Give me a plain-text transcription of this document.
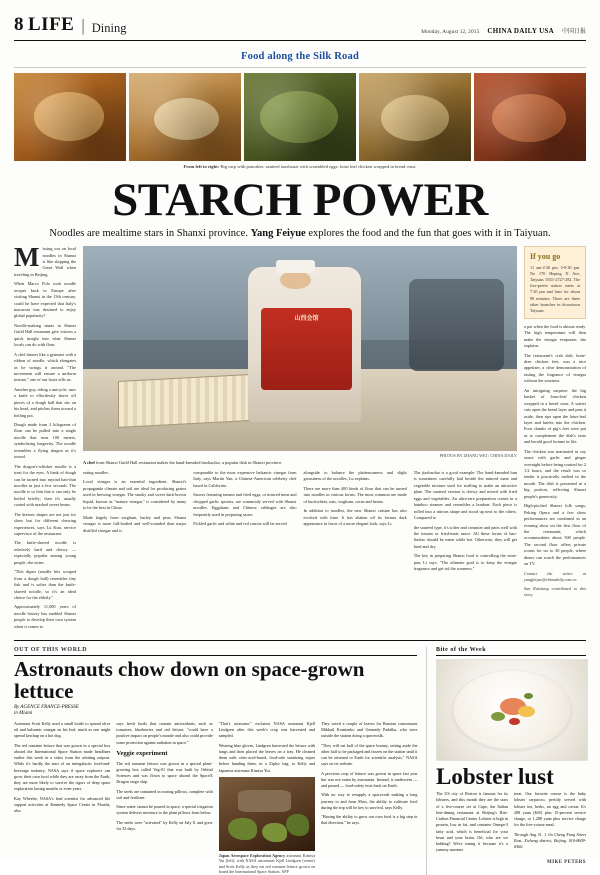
8 LIFE | Dining	Monday, August 12, 2015 CHINA DAILY USA 中国日报
Food along the Silk Road
From left to right: Big carp with pancakes; sauteed taozhouzi with scrambled eggs; lotus leaf chicken wrapped in bread crust.
STARCH POWER
Noodles are mealtime stars in Shanxi province. Yang Feiyue explores the food and the fun that goes with it in Taiyuan.

Missing out on local noodles in Shanxi is like skipping the Great Wall when traveling in Beijing.

When Marco Polo took noodle recipes back to Europe after visiting Shanxi in the 13th century, could he have expected that Italy's macaroni was destined to enjoy global popularity?

Noodle-making stunts in Shanxi Guild Hall restaurant give visitors a quick insight into what Shanxi locals can do with flour.

A chef dances like a gymnast with a ribbon of noodle, which elongates as he swings it around. "The movement will ensure a uniform texture," one of our hosts tells us.

Another guy, riding a unicycle, uses a knife to effortlessly shave off pieces of a dough ball that sits on his head, and pitches them toward a boiling pot.

Dough made from 2 kilograms of flour can be pulled into a single noodle that runs 100 meters, symbolizing longevity. The noodle resembles a flying dragon as it's tossed.

The dragon's-whisker noodle is a treat for the eyes. A hank of dough can be turned into myriad hair-thin noodles in just a few seconds. The noodle is so thin that it can only be boiled briefly; then it's usually coated with mashed sweet beans.

The dresses shapes are not just for show but for different chewing experiences, says Lu Kun, service supervisor of the restaurant.

The knife-shaved noodle is relatively hard and chewy — especially popular among young people, she notes.

"This dipan (noodle bits scraped from a dough ball) resembles tiny fish and is softer than the knife-shaved noodle, so it's an ideal choice for the elderly."

Approximately 11,000 years of noodle history has enabled Shanxi people to develop their own system when it comes to

山西会馆
PHOTOS BY ZHANG WEI / CHINA DAILY
A chef from Shanxi Guild Hall restaurant makes the hand-kneaded haoliaolao, a popular dish in Shanxi province.

eating noodles.

Local vinegar is an essential ingredient. Shanxi's propaganda climate and soil are ideal for producing grains used in brewing vinegar. The smoky and sweet dark-brown liquid, known as "mature vinegar," is considered by many to be the best in China.

Made largely from sorghum, barley and peas, Shanxi vinegar is more full-bodied and well-rounded than major distilled vinegar and is

comparable to the most expensive balsamic vinegar from Italy, says Martin Yan, a Chinese-American celebrity chef based in California.

Sauces featuring tomato and fried eggs, or minced meat and chopped garlic sprouts, are commonly served with Shanxi noodles. Eggplants and Chinese cabbages are also frequently used in preparing sauce.

Pickled garlic and white and red carrots will be served

alongside to balance the platterousness and slight greasiness of the noodles, Lu explains.

There are more than 400 kinds of flour that can be turned into noodles in various forms. The most common are made of buckwheat, oats, sorghum, corns and beans.

In addition to noodles, the new Shanxi cuisine has also evolved with time. It has shaken off its former dark appearance in favor of a more elegant look, says Li.

The jiaobaolao is a good example: The hand-kneaded bun is sometimes carefully laid beside the minced meat and vegetable mixture used for stuffing to make an attractive plate. The sauteed version is chewy and mixed with fried eggs and vegetables. An ultra-rare preparation comes in a bamboo steamer and resembles a bonbon: Each piece is rolled into a nitrous shape and stood up next to the others. Compared to

the sauteed type, it's softer and creamier and pairs well with the tomato or fried-meat sauce. All these forms of hao-liaolao should be eaten while hot. Otherwise, they will get hard and dry.

The key in preparing Shanxi food is controlling the wine-pan, Li says. "The ultimate goal is to keep the vinegar fragrance and get rid the sourness."

If you go
11 am-2:30 pm, 5-9:30 pm. No 170 Heping N Ave, Taiyuan. 0351-2727-282. The fixe-prefer nation starts at 7:30 pm and lasts for about 90 minutes. There are three other branches in downtown Taiyuan.

a pot when the food is almost ready. The high temperature will then make the vinegar evaporate, she explains.

The restaurant's crab dish, bone-dree chicken feet, was a nice appetizer, a clear demonstration of tasting the fragrance of vinegar without the sourness.

An intriguing surprise: the big basket of lotus-leaf chicken wrapped in a bread crust. A waiter cuts open the bread layer and puts it aside, then rips open the lotus-leaf layer and knifes into the chicken. Four chunks of pig's feet were put in to complement the dish's taste and herald good fortune in life.

The chicken was marinated in soy sauce with garlic and ginger overnight before being roasted for 2 1/2 hours, and the result was so tender it practically melted in the mouth. The dish is presented in a big portion, reflecting Shanxi people's generosity.

High-pitched Shanxi folk songs, Peking Opera and a few show performances are combined in an evening show on the first floor of the restaurant, which accommodates about 500 people. The second floor offers private rooms for six to 30 people, where diners can watch the performances on TV.

Contact the writer at yangfeiyue@chinadaily.com.cn
Sun Ruisheng contributed to this story.
OUT OF THIS WORLD
Astronauts chow down on space-grown lettuce
By AGENCE FRANCE-PRESSE
in Miami

Astronaut Scott Kelly used a small bottle to spread olive oil and balsamic vinegar on his leaf, much as one might spread ketchup on a hot dog.

The red romaine lettuce that was grown in a special box aboard the International Space Station made headlines earlier this week in a video from the orbiting outpost. While it's hardly the start of an intergalactic food-and-beverage industry, NASA says if space explorers can grow their own food while they are away from the Earth, they are more likely to survive the rigors of deep space exploration lasting months or even years.

Kay Wheeler, NASA's lead scientist for advanced life support activities at Kennedy Space Center in Florida, also

says fresh foods that contain antioxidants, such as tomatoes, blueberries and red lettuce, "could have a positive impact on people's morale and also could provide some protection against radiation in space."

Veggie experiment

The red romaine lettuce was grown in a special plant-growing box called Veg-01 that was built by Orbital Sciences and was flown to space aboard the SpaceX Dragon cargo ship.

The seeds are contained in rooting pillows, complete with soil and fertilizer.

Since water cannot be poured in space, a special irrigation system delivers moisture to the plant pillows from below.

The seeds were "activated" by Kelly on July 8, and grew for 33 days.

"That's awesome," exclaims NASA astronaut Kjell Lindgren after this week's crop was harvested and sampled.

Wearing blue gloves, Lindgren harvested the lettuce with tongs and then placed the leaves on a tray. He cleaned them with citric-acid-based, food-safe sanitizing wipes before handing them, in a Ziploc bag, to Kelly and Japanese astronaut Kimiya Yui.

Japan Aerospace Exploration Agency astronaut Kimiya Yui (left), with NASA astronauts Kjell Lindgren (center) and Scott Kelly as they eat red romaine lettuce grown on board the International Space Station. AFP

They saved a couple of leaves for Russian cosmonauts Mikhail Kornienko and Gennady Padalka, who were outside the station doing a spacewalk.

"They will eat half of the space bounty, setting aside the other half to be packaged and frozen on the station until it can be returned to Earth for scientific analysis," NASA says on its website.

A previous crop of lettuce was grown in space last year but was not eaten by astronauts. Instead, it underwent — and passed — food-safety tests back on Earth.

With no way to resupply a spacecraft making a long journey to and from Mars, the ability to cultivate food during the trip will be key to survival, says Kelly.

"Having the ability to grow our own food is a big step in that direction," he says.

Bite of the Week
Lobster lust

The US city of Boston is famous for its lobsters, and this month they are the stars of a five-course set at Cupe, the Italian fine-dining restaurant at Beijing's Ritz-Carlton Financial Center. Lobster is high in protein, low in fat, and contains Omega-3 fatty acid, which is beneficial for your heart and your brain. Oil, who are we kidding? We're eating it because it's a yummy summer

treat. Our favorite course is the baby lobster carpaccio, prettily served with lobster tea, herbs, an egg and caviar. It's 288 yuan ($45) plus 15-percent service charge, or 1,288 yuan plus service charge for the five-course meal.

Through Aug 31. 1 Jin Cheng Fang Street East, Xicheng district, Beijing. 010-8609-6566.

MIKE PETERS
